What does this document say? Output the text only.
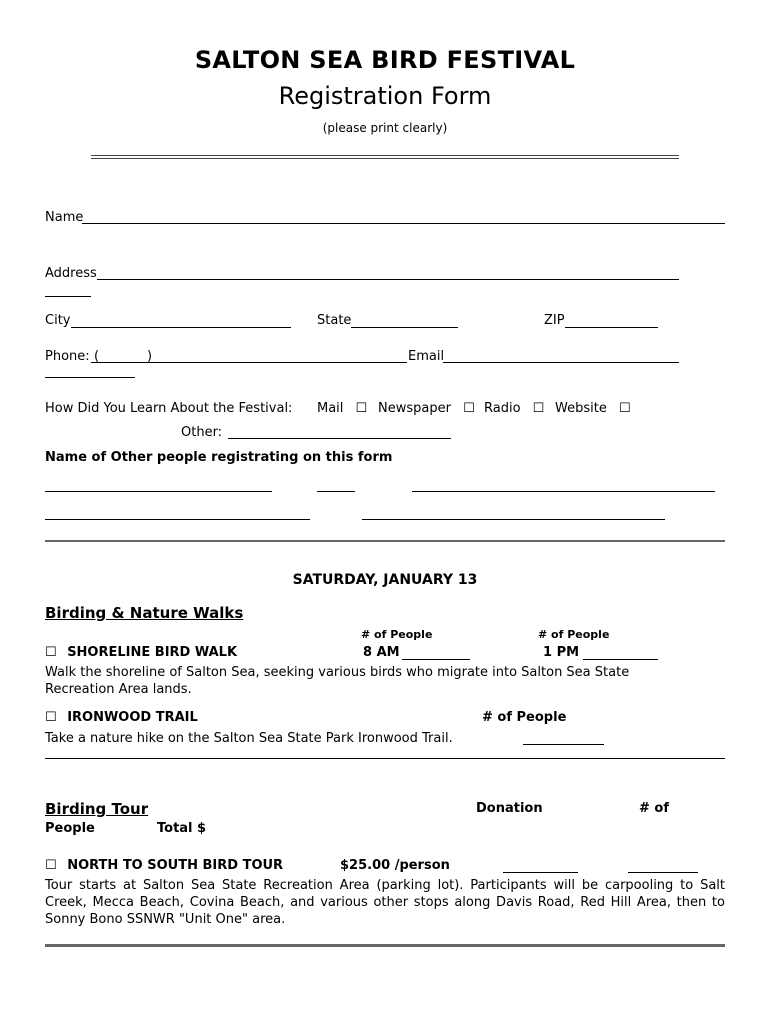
SALTON SEA BIRD FESTIVAL
Registration Form
(please print clearly)
Name
Address
City	State	ZIP
Phone: (	)	Email
How Did You Learn About the Festival: Mail ☐ Newspaper ☐ Radio ☐ Website ☐
Other:
Name of Other people registrating on this form
SATURDAY, JANUARY 13
Birding & Nature Walks
# of People	# of People
☐ SHORELINE BIRD WALK	8 AM	1 PM
Walk the shoreline of Salton Sea, seeking various birds who migrate into Salton Sea State Recreation Area lands.
☐ IRONWOOD TRAIL	# of People
Take a nature hike on the Salton Sea State Park Ironwood Trail.
Birding Tour	Donation	# of
People	Total $
☐ NORTH TO SOUTH BIRD TOUR	$25.00 /person
Tour starts at Salton Sea State Recreation Area (parking lot). Participants will be carpooling to Salt Creek, Mecca Beach, Covina Beach, and various other stops along Davis Road, Red Hill Area, then to Sonny Bono SSNWR "Unit One" area.
